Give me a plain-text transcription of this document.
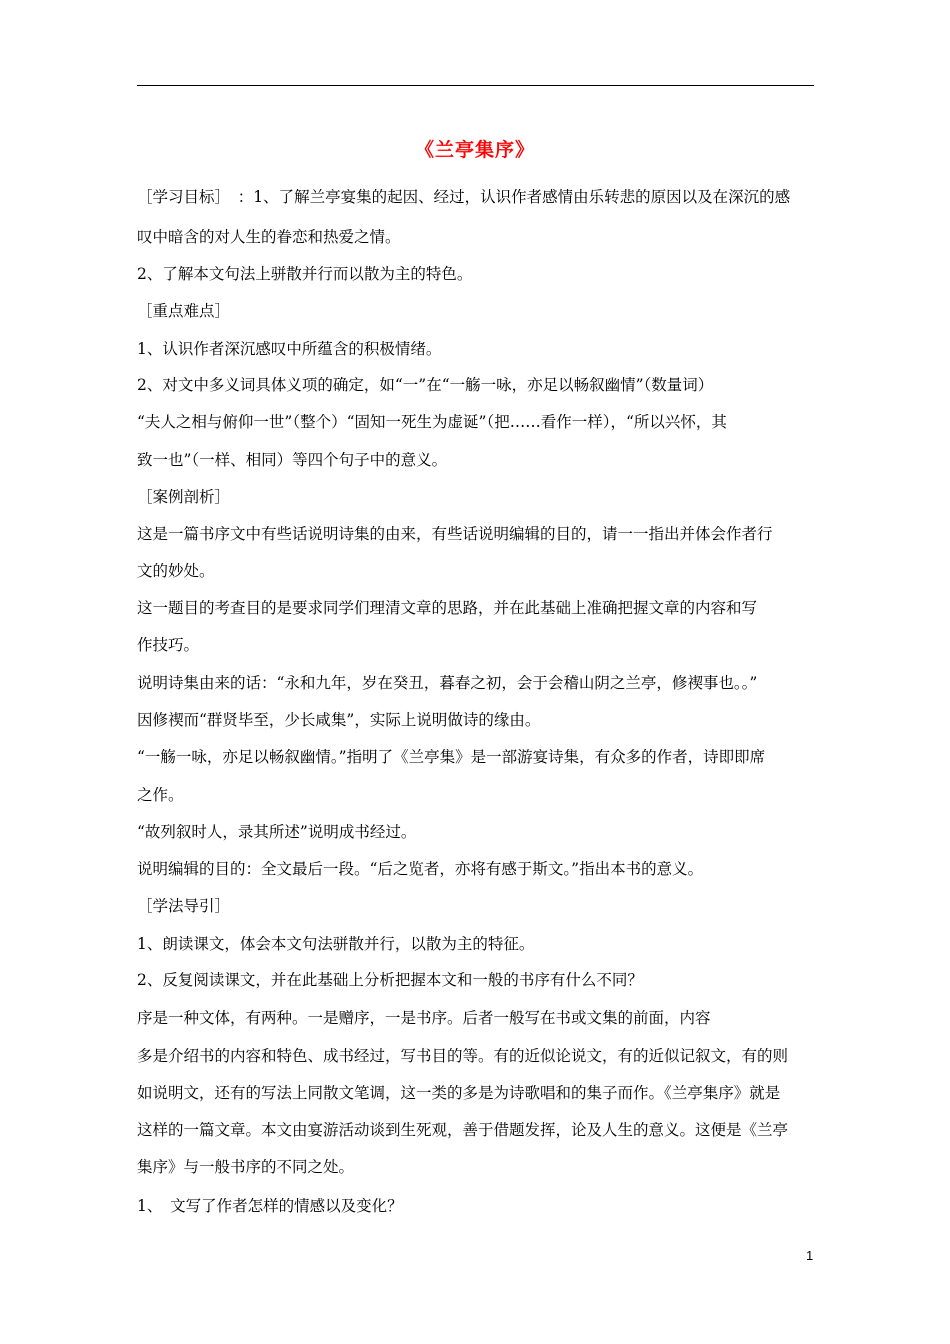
《兰亭集序》
［学习目标］　：1、了解兰亭宴集的起因、经过，认识作者感情由乐转悲的原因以及在深沉的感
叹中暗含的对人生的眷恋和热爱之情。
2、了解本文句法上骈散并行而以散为主的特色。
［重点难点］
1、认识作者深沉感叹中所蕴含的积极情绪。
2、对文中多义词具体义项的确定，如“一”在“一觞一咏，亦足以畅叙幽情”（数量词）
“夫人之相与俯仰一世”（整个）“固知一死生为虚诞”（把……看作一样），“所以兴怀，其
致一也”（一样、相同）等四个句子中的意义。
［案例剖析］
这是一篇书序文中有些话说明诗集的由来，有些话说明编辑的目的，请一一指出并体会作者行
文的妙处。
这一题目的考查目的是要求同学们理清文章的思路，并在此基础上准确把握文章的内容和写
作技巧。
说明诗集由来的话：“永和九年，岁在癸丑，暮春之初，会于会稽山阴之兰亭，修禊事也。。”
因修禊而“群贤毕至，少长咸集”，实际上说明做诗的缘由。
“一觞一咏，亦足以畅叙幽情。”指明了《兰亭集》是一部游宴诗集，有众多的作者，诗即即席
之作。
“故列叙时人，录其所述”说明成书经过。
说明编辑的目的：全文最后一段。“后之览者，亦将有感于斯文。”指出本书的意义。
［学法导引］
1、朗读课文，体会本文句法骈散并行，以散为主的特征。
2、反复阅读课文，并在此基础上分析把握本文和一般的书序有什么不同？
序是一种文体，有两种。一是赠序，一是书序。后者一般写在书或文集的前面，内容
多是介绍书的内容和特色、成书经过，写书目的等。有的近似论说文，有的近似记叙文，有的则
如说明文，还有的写法上同散文笔调，这一类的多是为诗歌唱和的集子而作。《兰亭集序》就是
这样的一篇文章。本文由宴游活动谈到生死观，善于借题发挥，论及人生的意义。这便是《兰亭
集序》与一般书序的不同之处。
1、　文写了作者怎样的情感以及变化？
1
